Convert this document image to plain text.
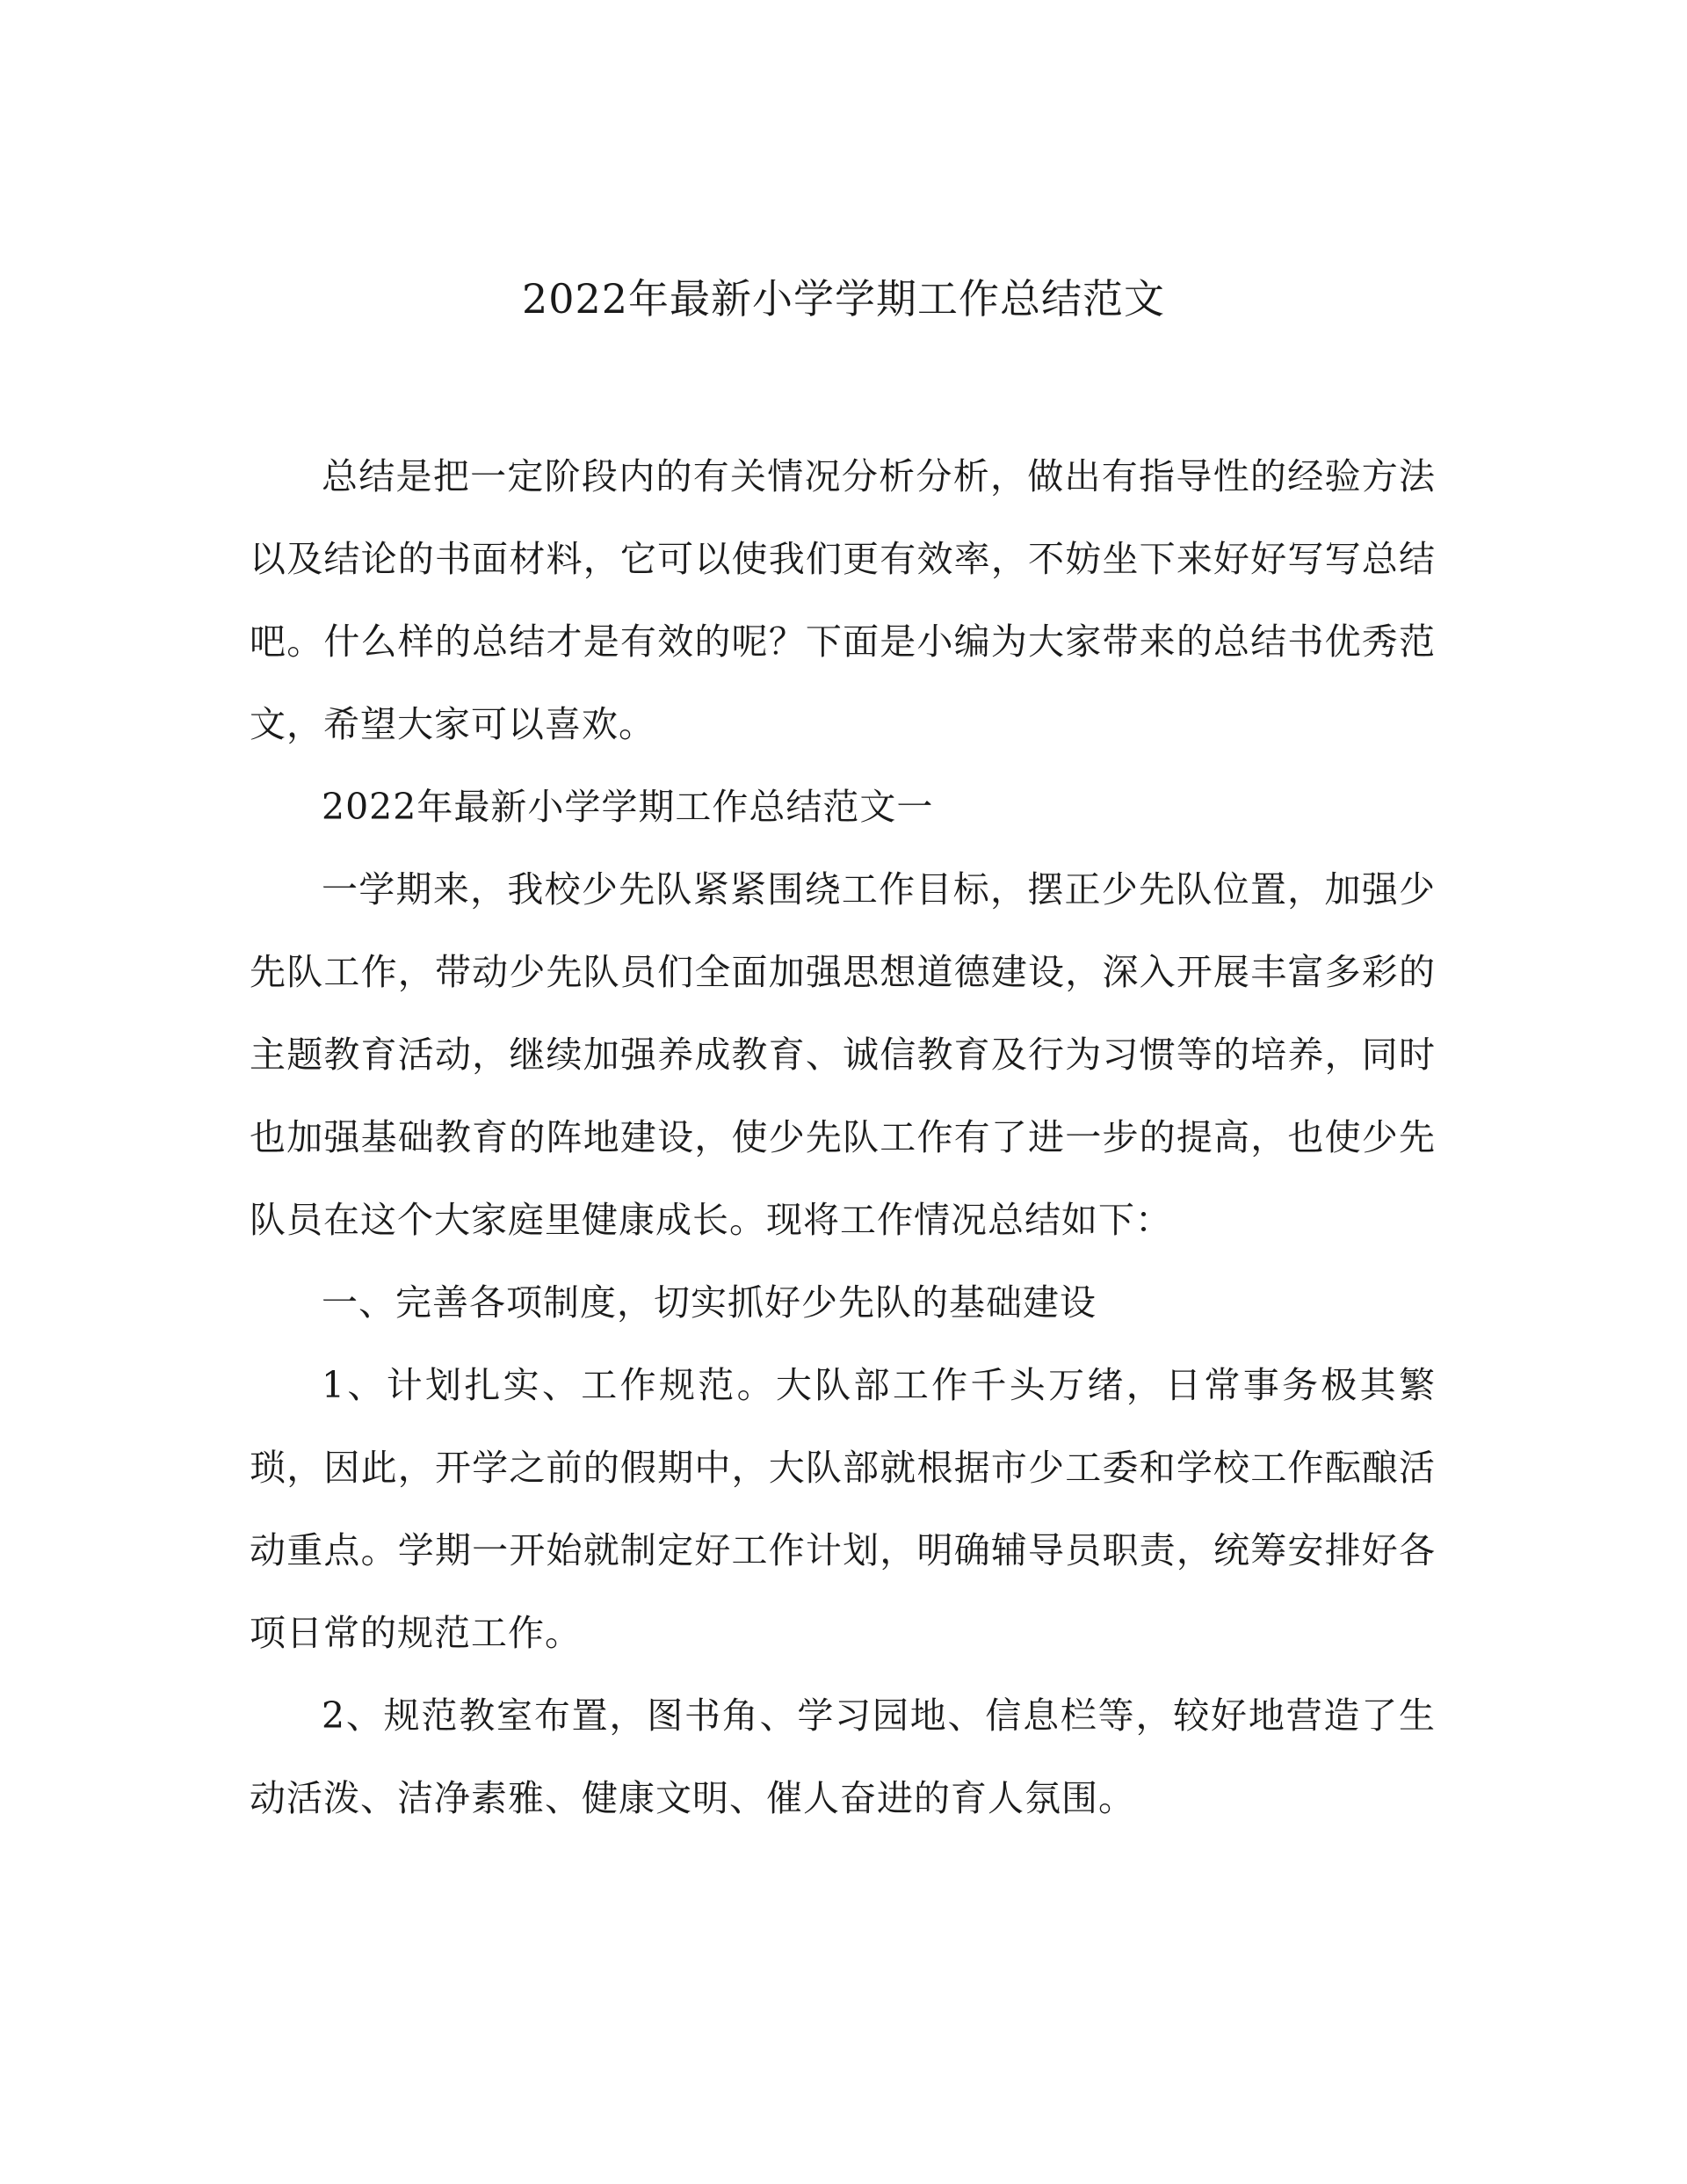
2022年最新小学学期工作总结范文

总结是把一定阶段内的有关情况分析分析，做出有指导性的经验方法以及结论的书面材料，它可以使我们更有效率，不妨坐下来好好写写总结吧。什么样的总结才是有效的呢？下面是小编为大家带来的总结书优秀范文，希望大家可以喜欢。

2022年最新小学学期工作总结范文一

一学期来，我校少先队紧紧围绕工作目标，摆正少先队位置，加强少先队工作，带动少先队员们全面加强思想道德建设，深入开展丰富多彩的主题教育活动，继续加强养成教育、诚信教育及行为习惯等的培养，同时也加强基础教育的阵地建设，使少先队工作有了进一步的提高，也使少先队员在这个大家庭里健康成长。现将工作情况总结如下：

一、完善各项制度，切实抓好少先队的基础建设

1、计划扎实、工作规范。大队部工作千头万绪，日常事务极其繁琐，因此，开学之前的假期中，大队部就根据市少工委和学校工作酝酿活动重点。学期一开始就制定好工作计划，明确辅导员职责，统筹安排好各项日常的规范工作。

2、规范教室布置，图书角、学习园地、信息栏等，较好地营造了生动活泼、洁净素雅、健康文明、催人奋进的育人氛围。
